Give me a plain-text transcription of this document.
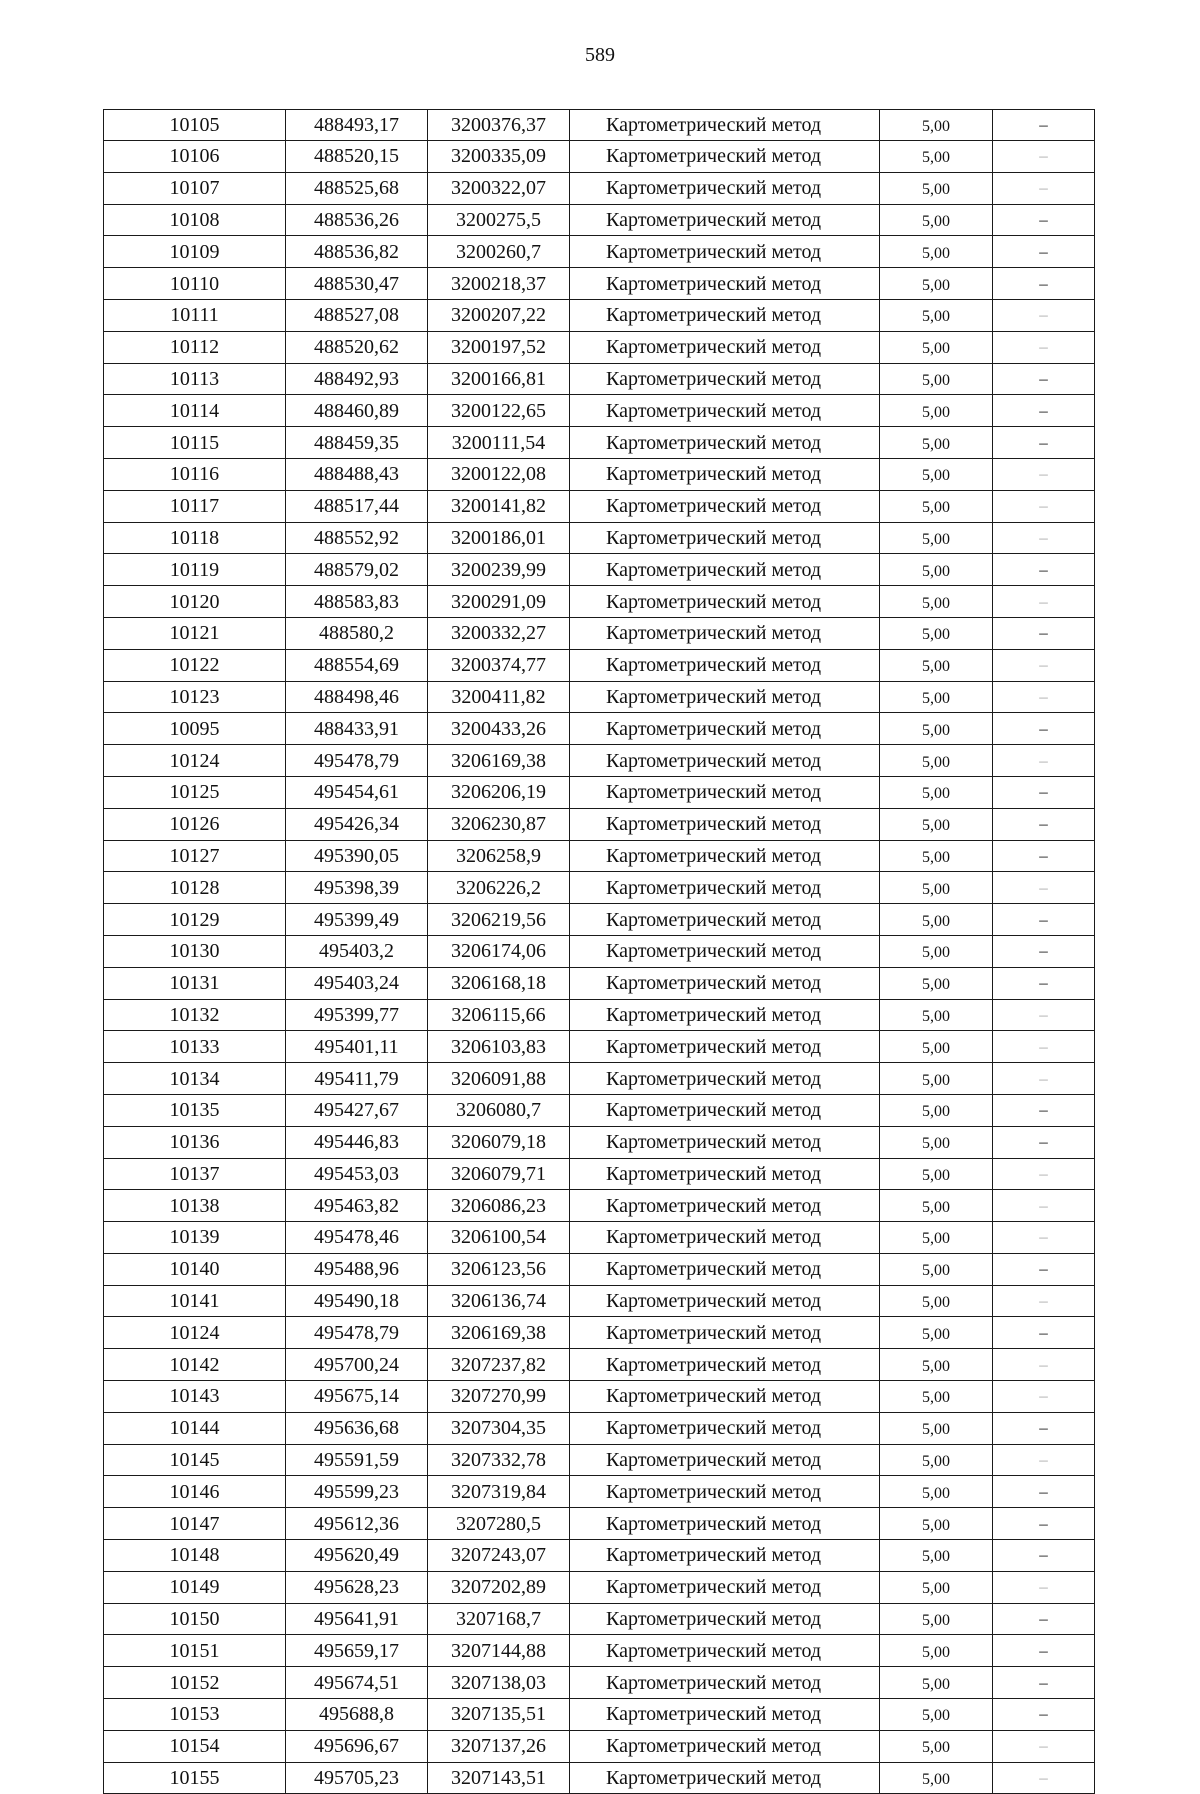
589
10105	488493,17	3200376,37	Картометрический метод	5,00	–
10106	488520,15	3200335,09	Картометрический метод	5,00	–
10107	488525,68	3200322,07	Картометрический метод	5,00	–
10108	488536,26	3200275,5	Картометрический метод	5,00	–
10109	488536,82	3200260,7	Картометрический метод	5,00	–
10110	488530,47	3200218,37	Картометрический метод	5,00	–
10111	488527,08	3200207,22	Картометрический метод	5,00	–
10112	488520,62	3200197,52	Картометрический метод	5,00	–
10113	488492,93	3200166,81	Картометрический метод	5,00	–
10114	488460,89	3200122,65	Картометрический метод	5,00	–
10115	488459,35	3200111,54	Картометрический метод	5,00	–
10116	488488,43	3200122,08	Картометрический метод	5,00	–
10117	488517,44	3200141,82	Картометрический метод	5,00	–
10118	488552,92	3200186,01	Картометрический метод	5,00	–
10119	488579,02	3200239,99	Картометрический метод	5,00	–
10120	488583,83	3200291,09	Картометрический метод	5,00	–
10121	488580,2	3200332,27	Картометрический метод	5,00	–
10122	488554,69	3200374,77	Картометрический метод	5,00	–
10123	488498,46	3200411,82	Картометрический метод	5,00	–
10095	488433,91	3200433,26	Картометрический метод	5,00	–
10124	495478,79	3206169,38	Картометрический метод	5,00	–
10125	495454,61	3206206,19	Картометрический метод	5,00	–
10126	495426,34	3206230,87	Картометрический метод	5,00	–
10127	495390,05	3206258,9	Картометрический метод	5,00	–
10128	495398,39	3206226,2	Картометрический метод	5,00	–
10129	495399,49	3206219,56	Картометрический метод	5,00	–
10130	495403,2	3206174,06	Картометрический метод	5,00	–
10131	495403,24	3206168,18	Картометрический метод	5,00	–
10132	495399,77	3206115,66	Картометрический метод	5,00	–
10133	495401,11	3206103,83	Картометрический метод	5,00	–
10134	495411,79	3206091,88	Картометрический метод	5,00	–
10135	495427,67	3206080,7	Картометрический метод	5,00	–
10136	495446,83	3206079,18	Картометрический метод	5,00	–
10137	495453,03	3206079,71	Картометрический метод	5,00	–
10138	495463,82	3206086,23	Картометрический метод	5,00	–
10139	495478,46	3206100,54	Картометрический метод	5,00	–
10140	495488,96	3206123,56	Картометрический метод	5,00	–
10141	495490,18	3206136,74	Картометрический метод	5,00	–
10124	495478,79	3206169,38	Картометрический метод	5,00	–
10142	495700,24	3207237,82	Картометрический метод	5,00	–
10143	495675,14	3207270,99	Картометрический метод	5,00	–
10144	495636,68	3207304,35	Картометрический метод	5,00	–
10145	495591,59	3207332,78	Картометрический метод	5,00	–
10146	495599,23	3207319,84	Картометрический метод	5,00	–
10147	495612,36	3207280,5	Картометрический метод	5,00	–
10148	495620,49	3207243,07	Картометрический метод	5,00	–
10149	495628,23	3207202,89	Картометрический метод	5,00	–
10150	495641,91	3207168,7	Картометрический метод	5,00	–
10151	495659,17	3207144,88	Картометрический метод	5,00	–
10152	495674,51	3207138,03	Картометрический метод	5,00	–
10153	495688,8	3207135,51	Картометрический метод	5,00	–
10154	495696,67	3207137,26	Картометрический метод	5,00	–
10155	495705,23	3207143,51	Картометрический метод	5,00	–
